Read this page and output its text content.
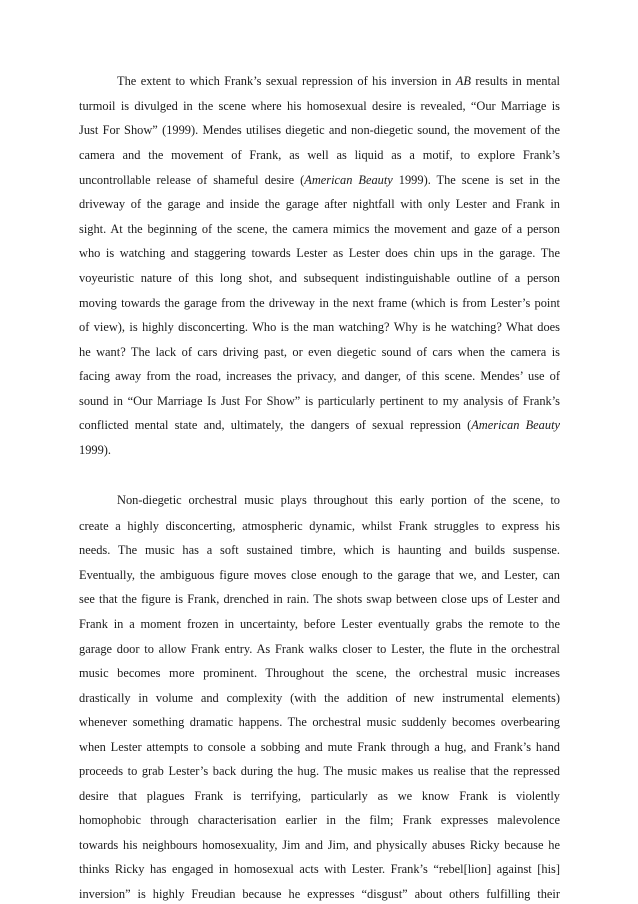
The extent to which Frank’s sexual repression of his inversion in AB results in mental
turmoil is divulged in the scene where his homosexual desire is revealed, “Our Marriage is
Just For Show” (1999). Mendes utilises diegetic and non-diegetic sound, the movement of the
camera and the movement of Frank, as well as liquid as a motif, to explore Frank’s
uncontrollable release of shameful desire (American Beauty 1999). The scene is set in the
driveway of the garage and inside the garage after nightfall with only Lester and Frank in
sight. At the beginning of the scene, the camera mimics the movement and gaze of a person
who is watching and staggering towards Lester as Lester does chin ups in the garage. The
voyeuristic nature of this long shot, and subsequent indistinguishable outline of a person
moving towards the garage from the driveway in the next frame (which is from Lester’s point
of view), is highly disconcerting. Who is the man watching? Why is he watching? What does
he want? The lack of cars driving past, or even diegetic sound of cars when the camera is
facing away from the road, increases the privacy, and danger, of this scene. Mendes’ use of
sound in “Our Marriage Is Just For Show” is particularly pertinent to my analysis of Frank’s
conflicted mental state and, ultimately, the dangers of sexual repression (American Beauty
1999).
Non-diegetic orchestral music plays throughout this early portion of the scene, to
create a highly disconcerting, atmospheric dynamic, whilst Frank struggles to express his
needs. The music has a soft sustained timbre, which is haunting and builds suspense.
Eventually, the ambiguous figure moves close enough to the garage that we, and Lester, can
see that the figure is Frank, drenched in rain. The shots swap between close ups of Lester and
Frank in a moment frozen in uncertainty, before Lester eventually grabs the remote to the
garage door to allow Frank entry. As Frank walks closer to Lester, the flute in the orchestral
music becomes more prominent. Throughout the scene, the orchestral music increases
drastically in volume and complexity (with the addition of new instrumental elements)
whenever something dramatic happens. The orchestral music suddenly becomes overbearing
when Lester attempts to console a sobbing and mute Frank through a hug, and Frank’s hand
proceeds to grab Lester’s back during the hug. The music makes us realise that the repressed
desire that plagues Frank is terrifying, particularly as we know Frank is violently
homophobic through characterisation earlier in the film; Frank expresses malevolence
towards his neighbours homosexuality, Jim and Jim, and physically abuses Ricky because he
thinks Ricky has engaged in homosexual acts with Lester. Frank’s “rebel[lion] against [his]
inversion” is highly Freudian because he expresses “disgust” about others fulfilling their
